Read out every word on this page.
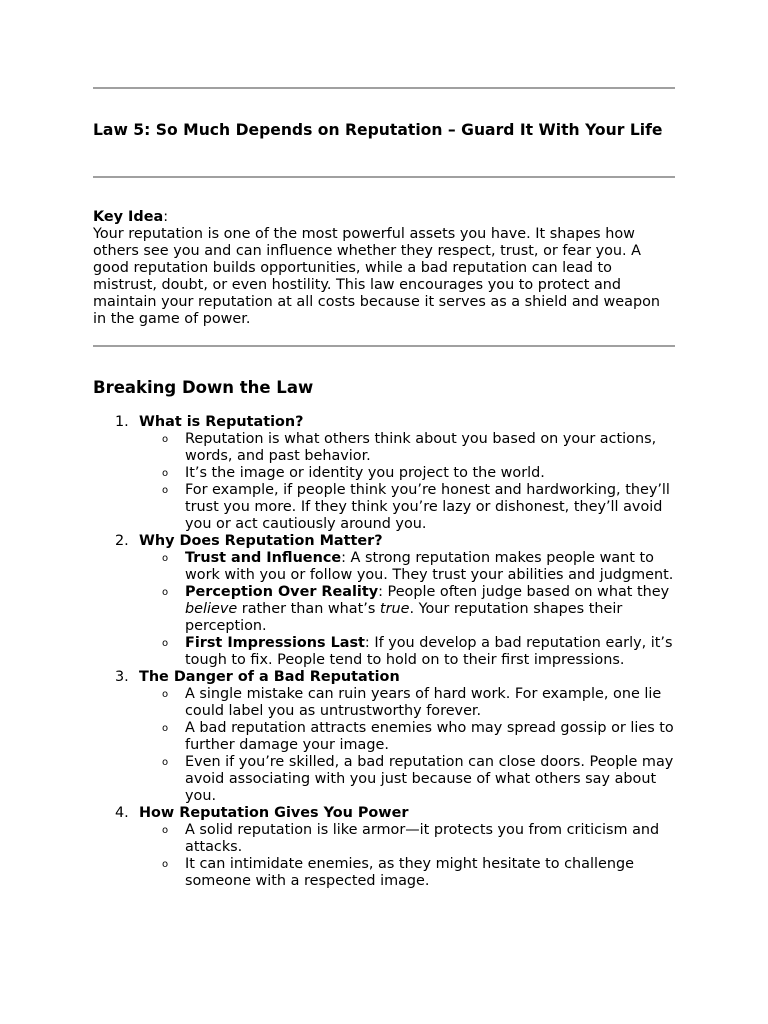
Law 5: So Much Depends on Reputation – Guard It With Your Life
Key Idea:
Your reputation is one of the most powerful assets you have. It shapes how others see you and can influence whether they respect, trust, or fear you. A good reputation builds opportunities, while a bad reputation can lead to mistrust, doubt, or even hostility. This law encourages you to protect and maintain your reputation at all costs because it serves as a shield and weapon in the game of power.
Breaking Down the Law
1. What is Reputation?
o Reputation is what others think about you based on your actions, words, and past behavior.
o It’s the image or identity you project to the world.
o For example, if people think you’re honest and hardworking, they’ll trust you more. If they think you’re lazy or dishonest, they’ll avoid you or act cautiously around you.
2. Why Does Reputation Matter?
o Trust and Influence: A strong reputation makes people want to work with you or follow you. They trust your abilities and judgment.
o Perception Over Reality: People often judge based on what they believe rather than what’s true. Your reputation shapes their perception.
o First Impressions Last: If you develop a bad reputation early, it’s tough to fix. People tend to hold on to their first impressions.
3. The Danger of a Bad Reputation
o A single mistake can ruin years of hard work. For example, one lie could label you as untrustworthy forever.
o A bad reputation attracts enemies who may spread gossip or lies to further damage your image.
o Even if you’re skilled, a bad reputation can close doors. People may avoid associating with you just because of what others say about you.
4. How Reputation Gives You Power
o A solid reputation is like armor—it protects you from criticism and attacks.
o It can intimidate enemies, as they might hesitate to challenge someone with a respected image.
